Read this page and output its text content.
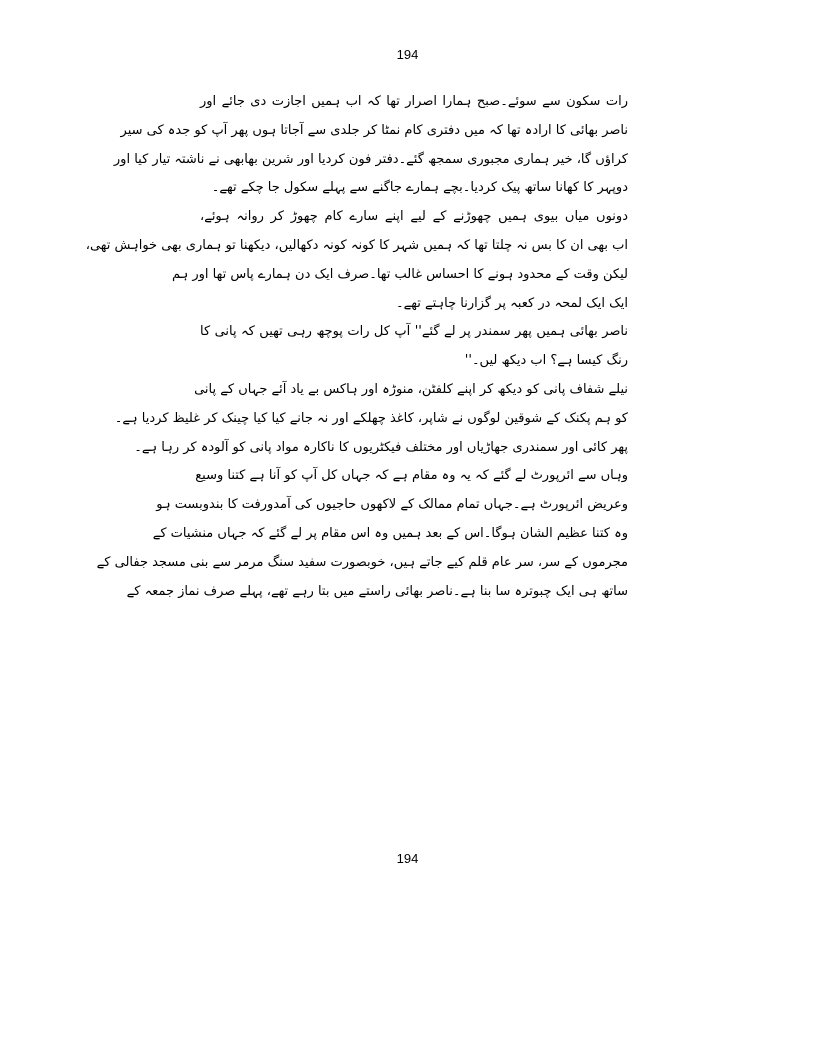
194
رات سکون سے سوئے۔صبح ہمارا اصرار تھا کہ اب ہمیں اجازت دی جائے اور
ناصر بھائی کا ارادہ تھا کہ میں دفتری کام نمٹا کر جلدی سے آجاتا ہوں پھر آپ کو جدہ کی سیر
کراؤں گا، خیر ہماری مجبوری سمجھ گئے۔دفتر فون کردیا اور شرین بھابھی نے ناشتہ تیار کیا اور
دوپہر کا کھانا ساتھ پیک کردیا۔بچے ہمارے جاگنے سے پہلے سکول جا چکے تھے۔
دونوں میاں بیوی ہمیں چھوڑنے کے لیے اپنے سارے کام چھوڑ کر روانہ ہوئے،
اب بھی ان کا بس نہ چلتا تھا کہ ہمیں شہر کا کونہ کونہ دکھالیں، دیکھنا تو ہماری بھی خواہش تھی،
لیکن وقت کے محدود ہونے کا احساس غالب تھا۔صرف ایک دن ہمارے پاس تھا اور ہم
ایک ایک لمحہ در کعبہ پر گزارنا چاہتے تھے۔
ناصر بھائی ہمیں پھر سمندر پر لے گئے'' آپ کل رات پوچھ رہی تھیں کہ پانی کا
رنگ کیسا ہے؟ اب دیکھ لیں۔''
نیلے شفاف پانی کو دیکھ کر اپنے کلفٹن، منوڑہ اور ہاکس بے یاد آئے جہاں کے پانی
کو ہم پکنک کے شوقین لوگوں نے شاپر، کاغذ چھلکے اور نہ جانے کیا کیا چینک کر غلیظ کردیا ہے۔
پھر کائی اور سمندری جھاڑیاں اور مختلف فیکٹریوں کا ناکارہ مواد پانی کو آلودہ کر رہا ہے۔
وہاں سے ائرپورٹ لے گئے کہ یہ وہ مقام ہے کہ جہاں کل آپ کو آنا ہے کتنا وسیع
وعریض ائرپورٹ ہے۔جہاں تمام ممالک کے لاکھوں حاجیوں کی آمدورفت کا بندوبست ہو
وہ کتنا عظیم الشان ہوگا۔اس کے بعد ہمیں وہ اس مقام پر لے گئے کہ جہاں منشیات کے
مجرموں کے سر، سر عام قلم کیے جاتے ہیں، خوبصورت سفید سنگ مرمر سے بنی مسجد جفالی کے
ساتھ ہی ایک چبوترہ سا بنا ہے۔ناصر بھائی راستے میں بتا رہے تھے، پہلے صرف نماز جمعہ کے
194
